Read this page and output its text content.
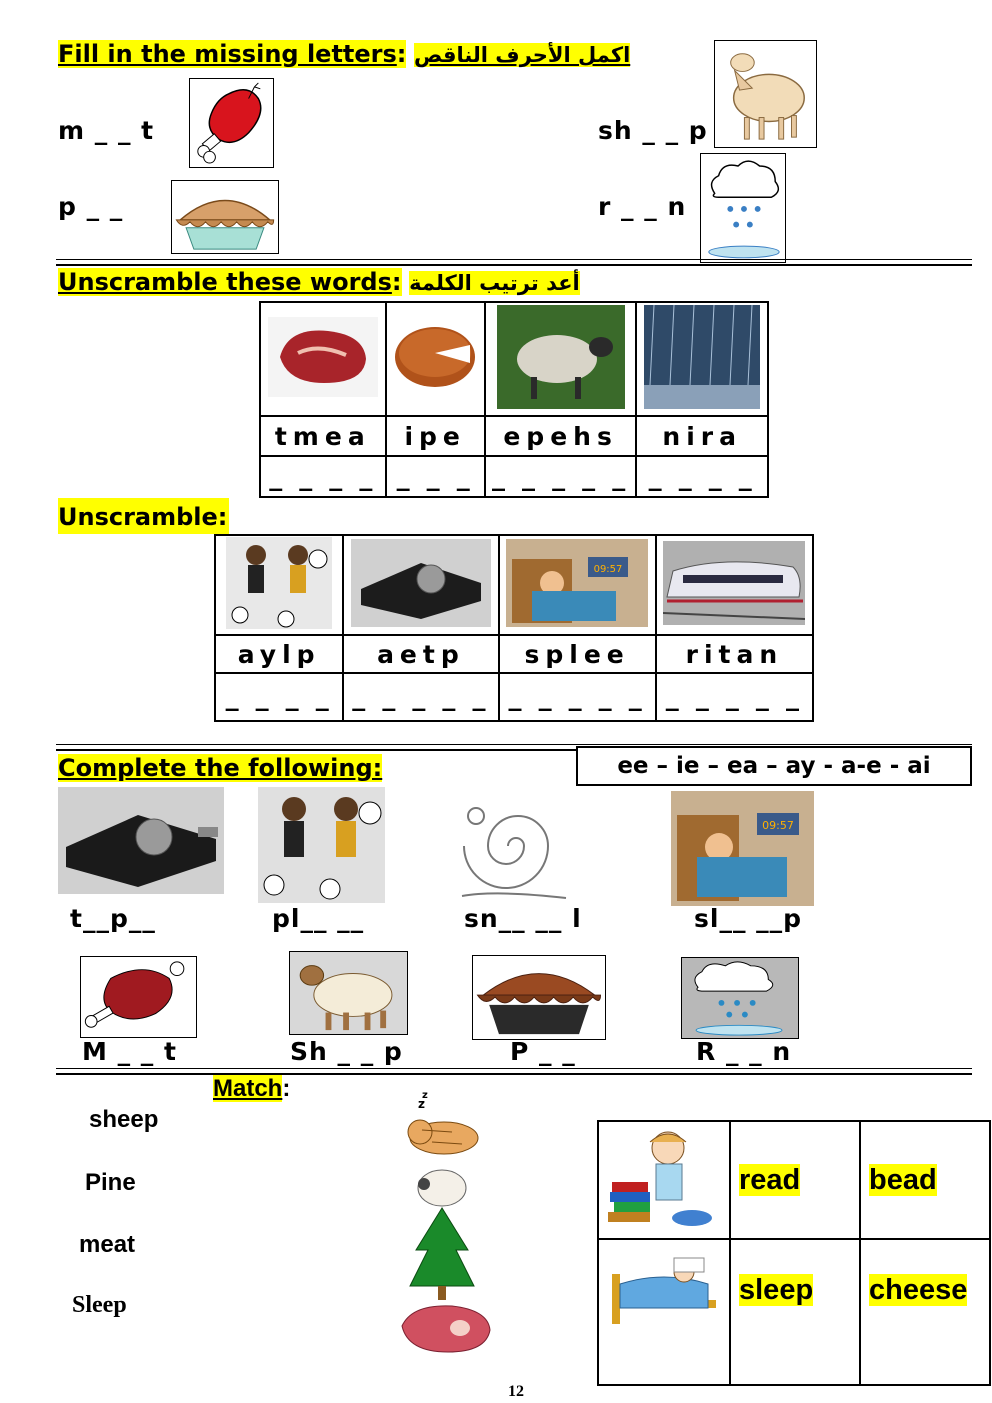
Fill in the missing letters: اكمل الأحرف الناقص
m _ _ t	sh _ _ p
p _ _	r _ _ n
Unscramble these words: أعد ترتيب الكلمة

tmea	ipe	epehs	nira
_ _ _ _	_ _ _	_ _ _ _ _	_ _ _ _
Unscramble:

09:57

aylp	aetp	splee	ritan
_ _ _ _	_ _ _ _ _	_ _ _ _ _	_ _ _ _ _
Complete the following:	ee – ie – ea – ay - a-e - ai
09:57
t__p__	pl__ __	sn__ __ l	sl__ __p
M _ _ t	Sh _ _ p	P _ _	R _ _ n
Match:
sheep
Pine
meat
Sleep
z
z
	read	bead
	sleep	cheese
12
